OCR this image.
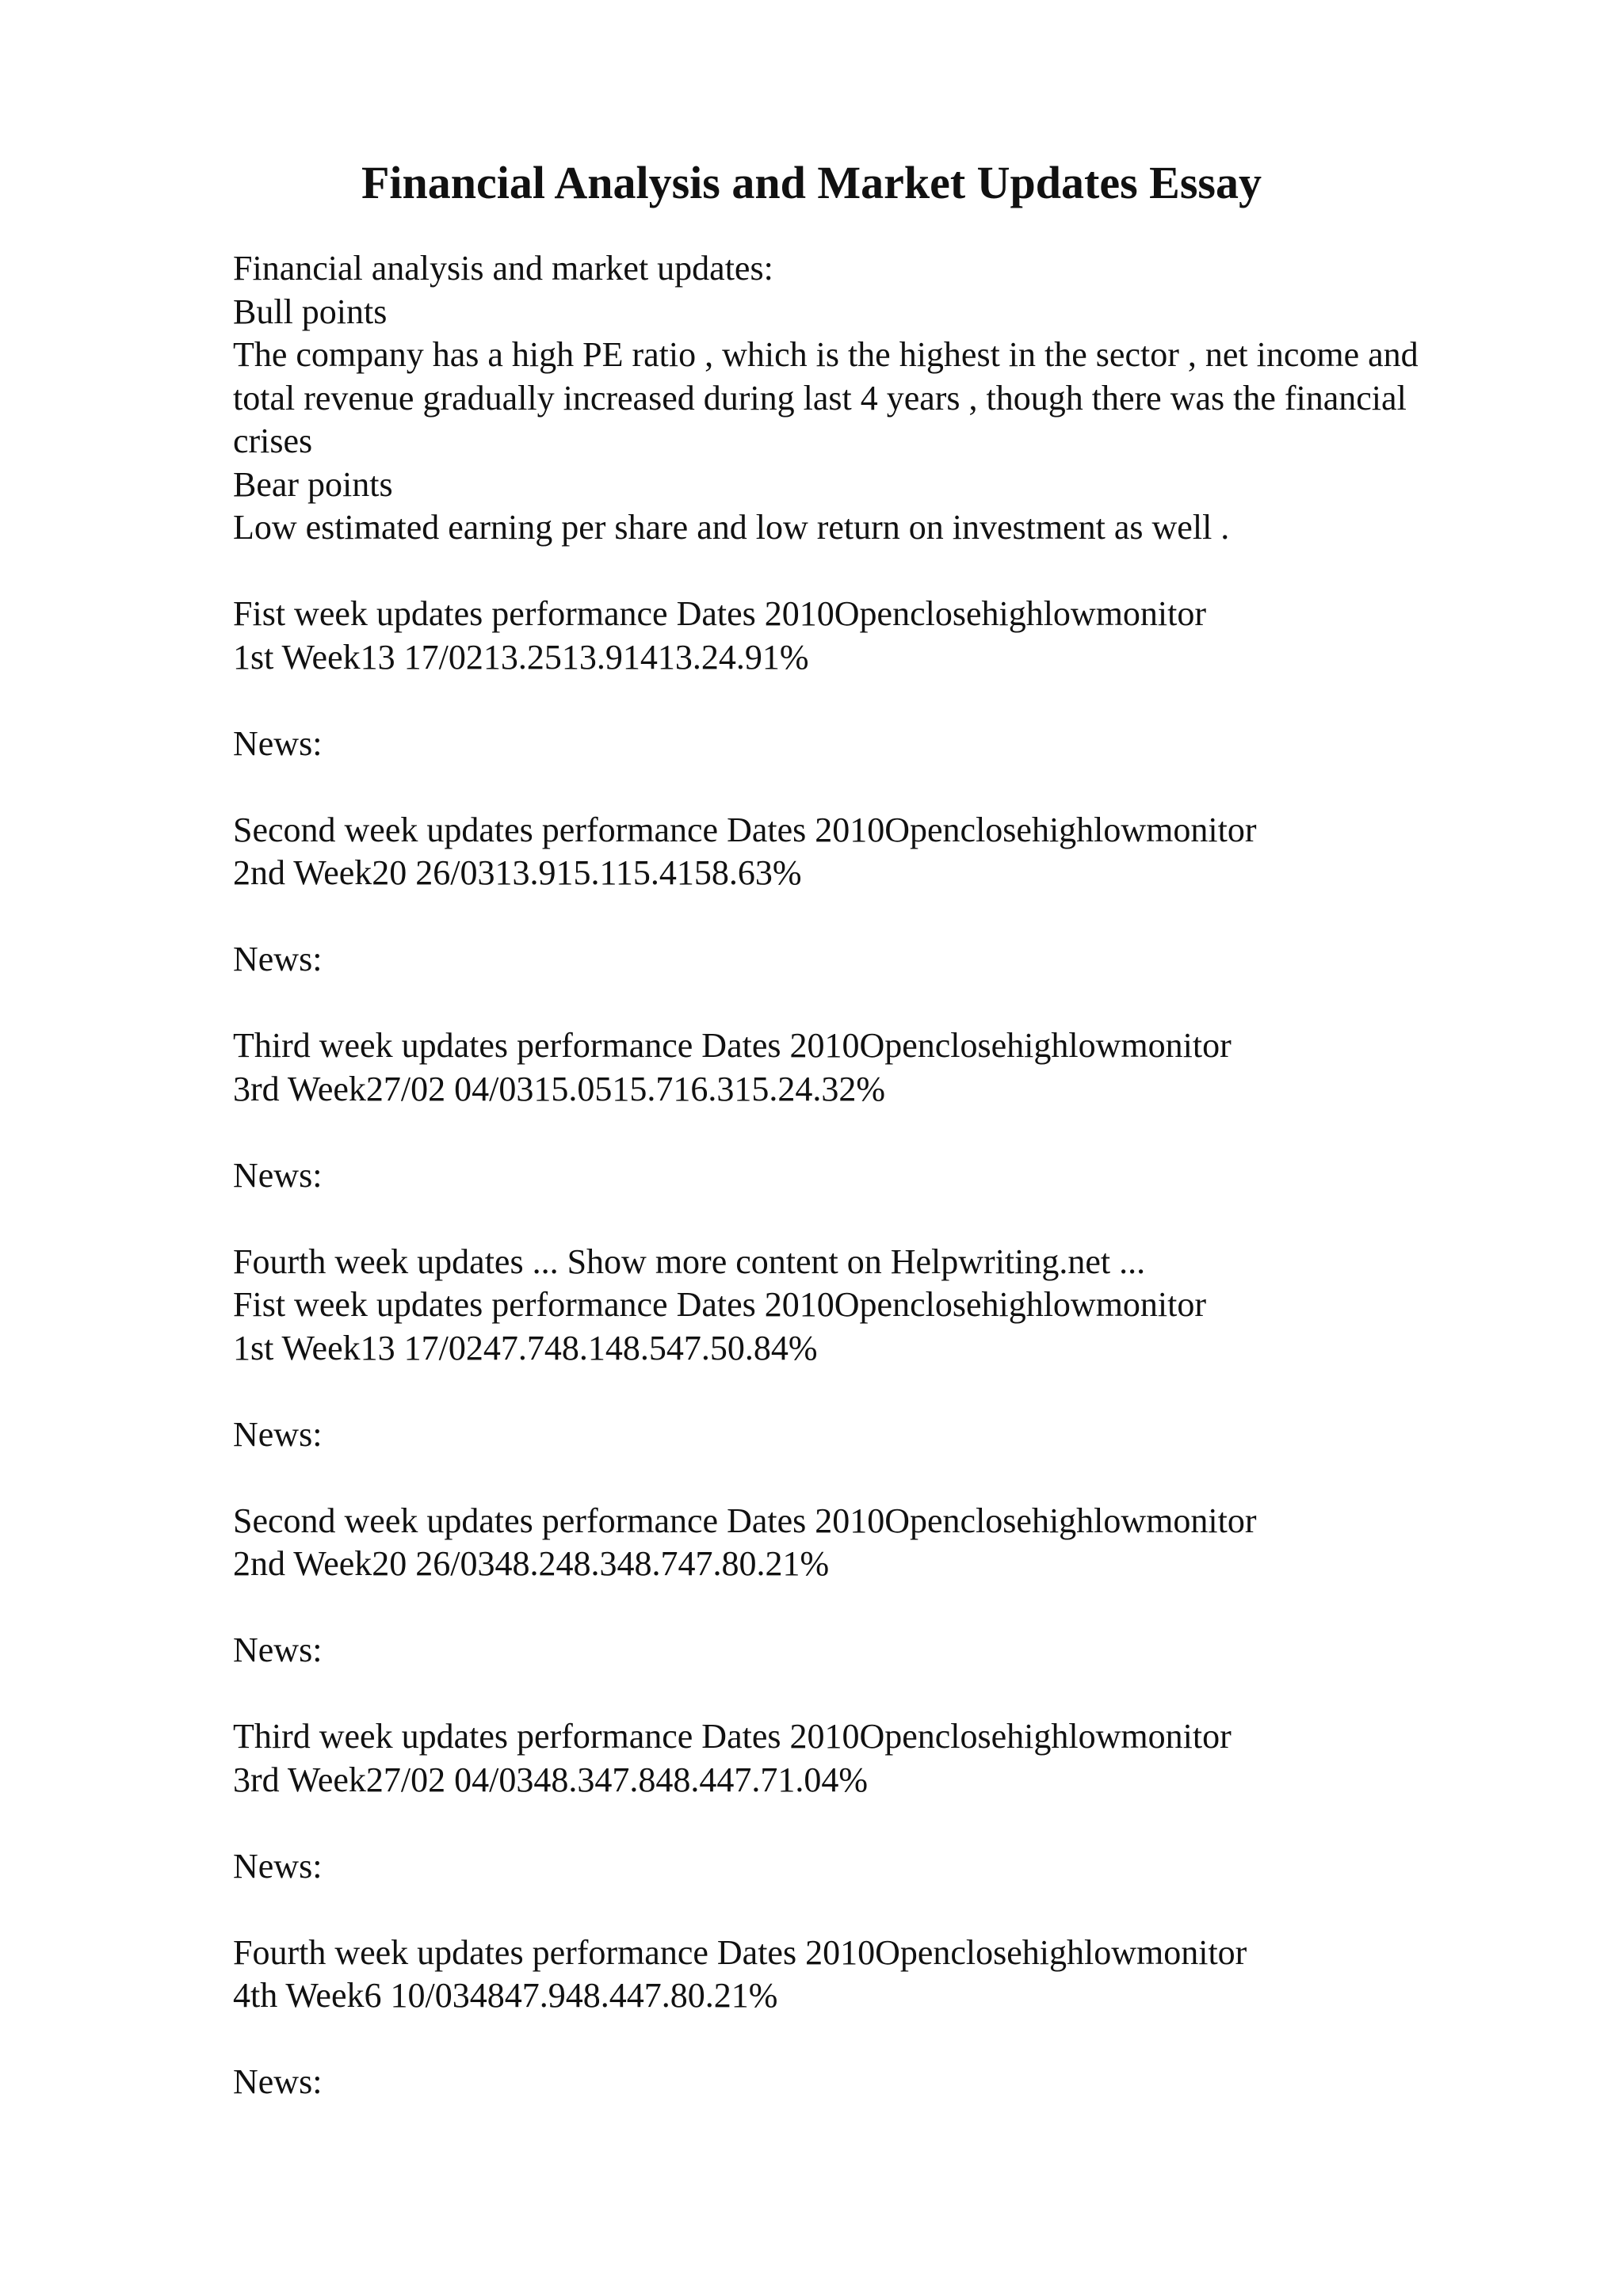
Financial Analysis and Market Updates Essay
Financial analysis and market updates:
Bull points
The company has a high PE ratio , which is the highest in the sector , net income and
total revenue gradually increased during last 4 years , though there was the financial
crises
Bear points
Low estimated earning per share and low return on investment as well .
Fist week updates performance Dates 2010Openclosehighlowmonitor
1st Week13 17/0213.2513.91413.24.91%
News:
Second week updates performance Dates 2010Openclosehighlowmonitor
2nd Week20 26/0313.915.115.4158.63%
News:
Third week updates performance Dates 2010Openclosehighlowmonitor
3rd Week27/02 04/0315.0515.716.315.24.32%
News:
Fourth week updates ... Show more content on Helpwriting.net ...
Fist week updates performance Dates 2010Openclosehighlowmonitor
1st Week13 17/0247.748.148.547.50.84%
News:
Second week updates performance Dates 2010Openclosehighlowmonitor
2nd Week20 26/0348.248.348.747.80.21%
News:
Third week updates performance Dates 2010Openclosehighlowmonitor
3rd Week27/02 04/0348.347.848.447.71.04%
News:
Fourth week updates performance Dates 2010Openclosehighlowmonitor
4th Week6 10/034847.948.447.80.21%
News:
